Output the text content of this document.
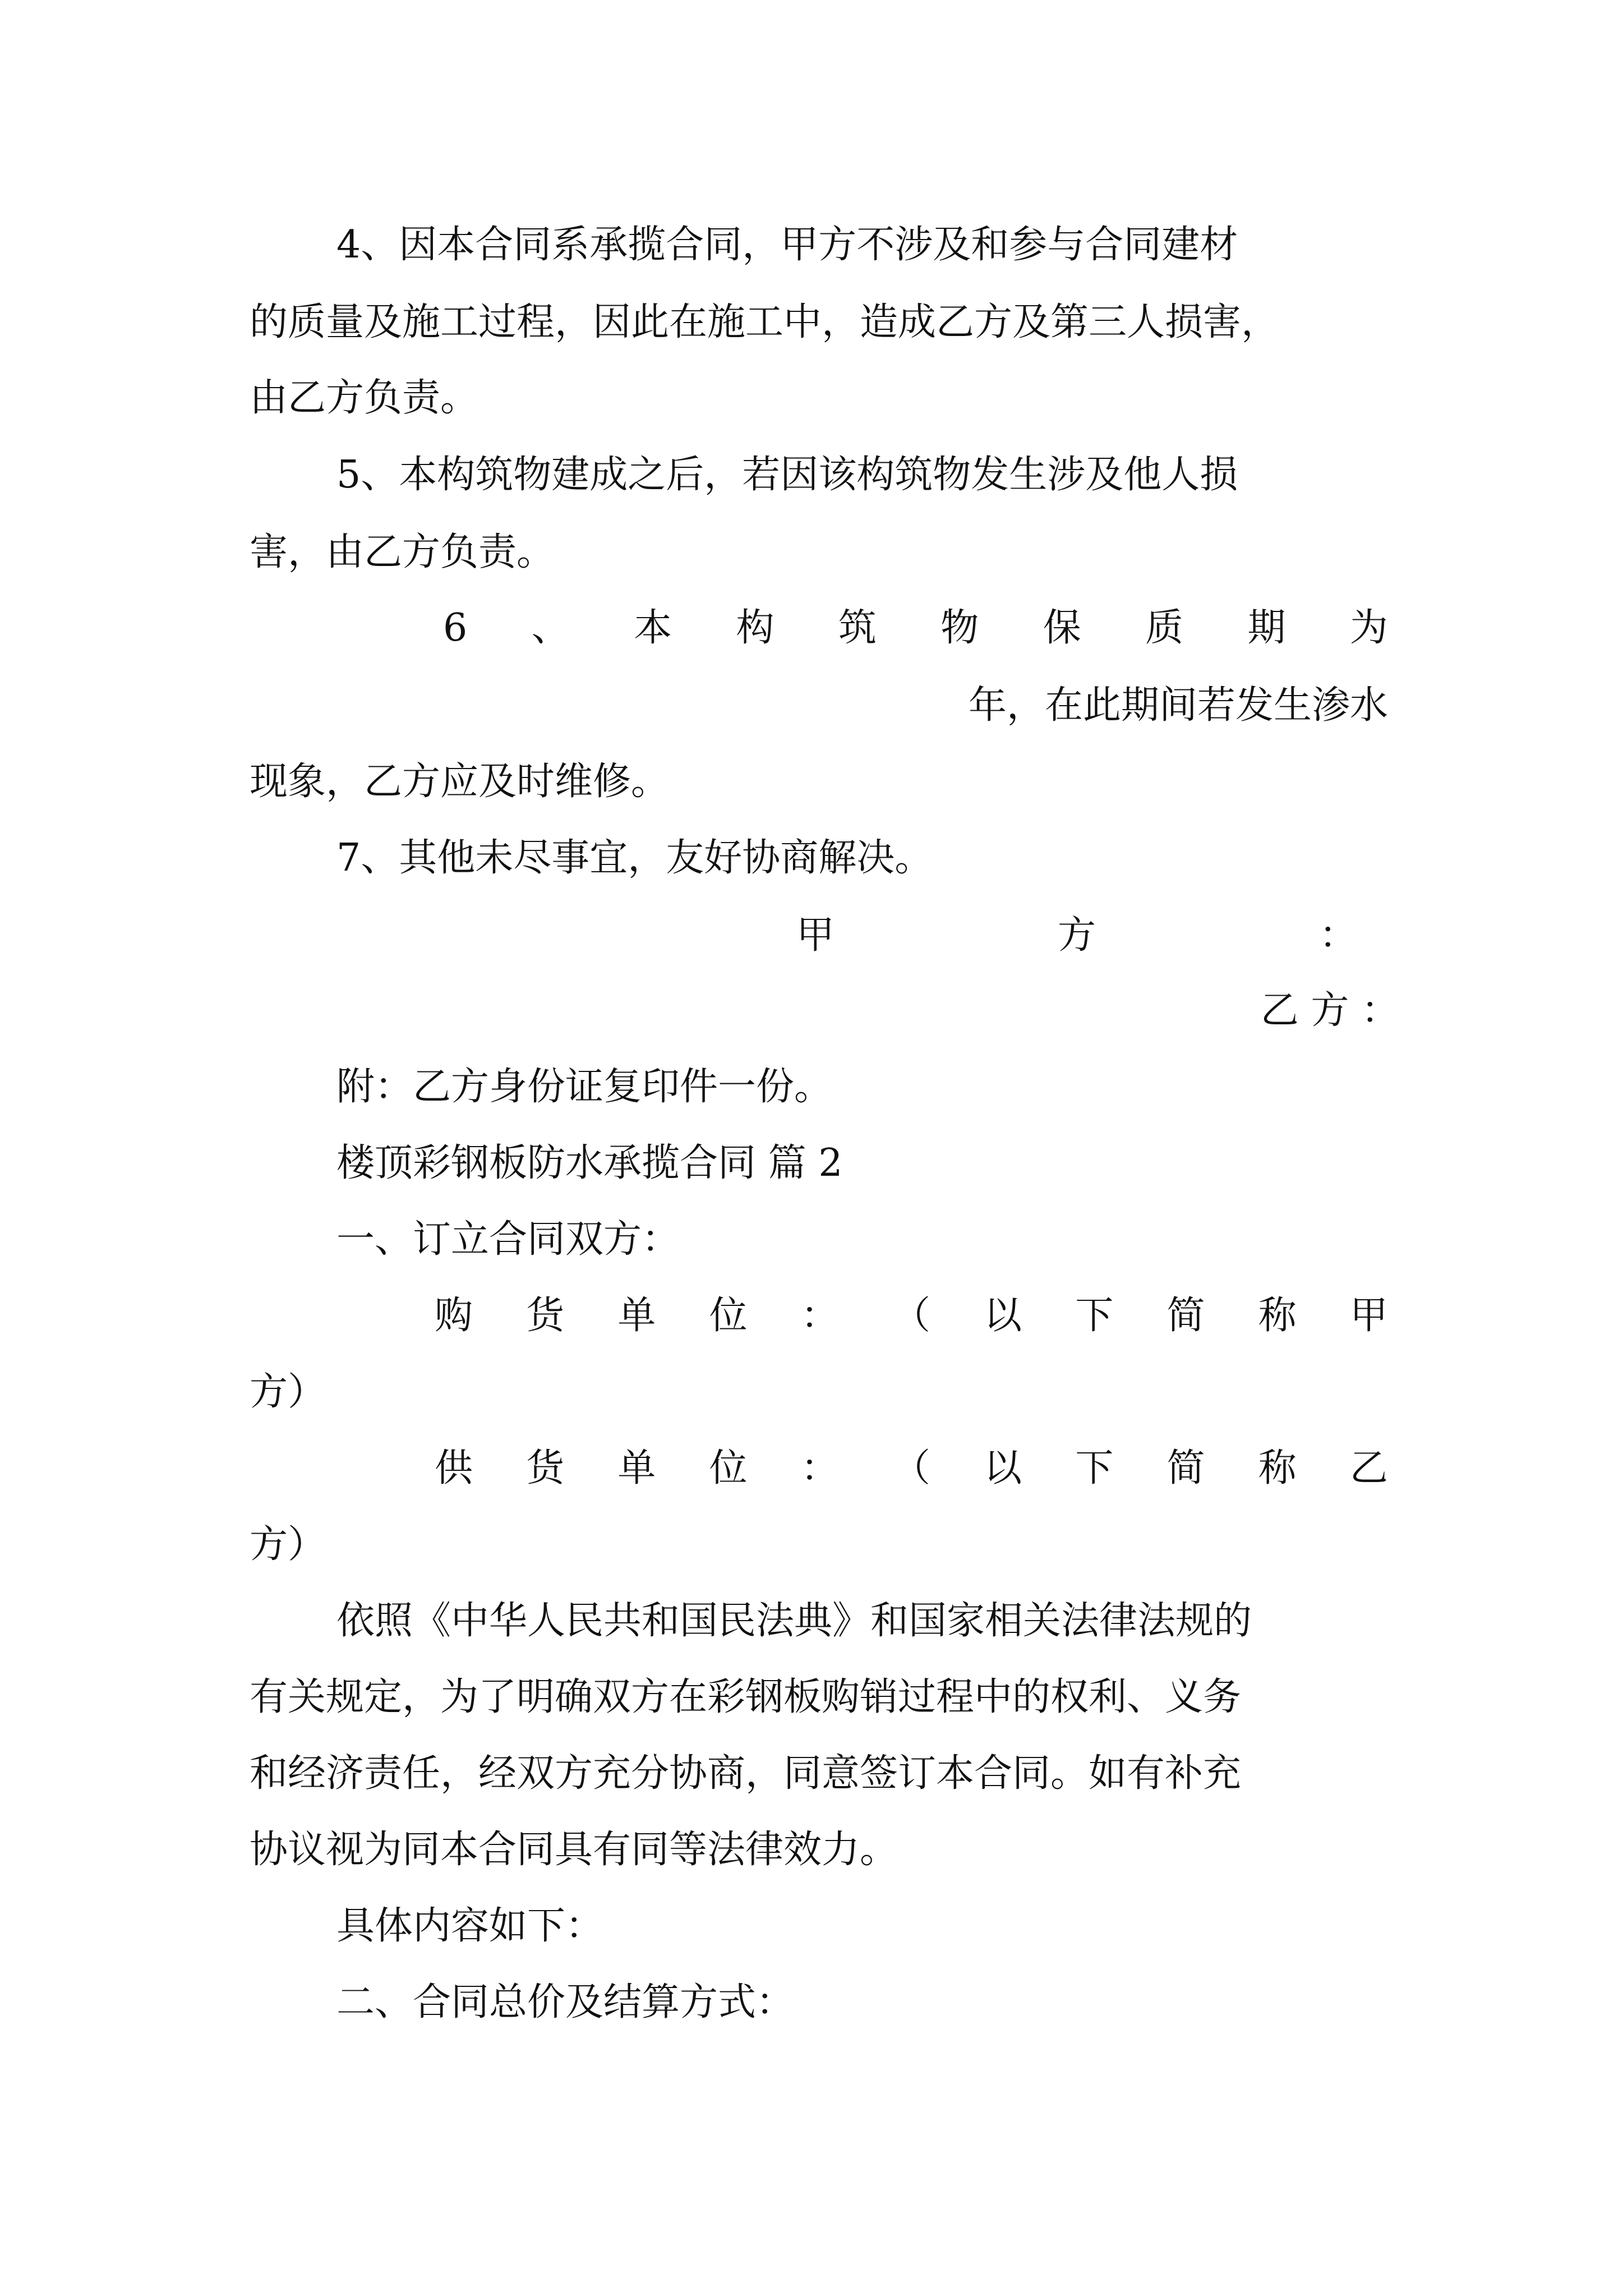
4、因本合同系承揽合同，甲方不涉及和参与合同建材
的质量及施工过程，因此在施工中，造成乙方及第三人损害，
由乙方负责。
5、本构筑物建成之后，若因该构筑物发生涉及他人损
害，由乙方负责。
6 、 本 构 筑 物 保 质 期 为
年，在此期间若发生渗水
现象，乙方应及时维修。
7、其他未尽事宜，友好协商解决。
甲	方	：
乙 方 ：
附：乙方身份证复印件一份。
楼顶彩钢板防水承揽合同 篇 2
一、订立合同双方：
购 货 单 位 ： （ 以 下 简 称 甲
方）
供 货 单 位 ： （ 以 下 简 称 乙
方）
依照《中华人民共和国民法典》和国家相关法律法规的
有关规定，为了明确双方在彩钢板购销过程中的权利、义务
和经济责任，经双方充分协商，同意签订本合同。如有补充
协议视为同本合同具有同等法律效力。
具体内容如下：
二、合同总价及结算方式：
